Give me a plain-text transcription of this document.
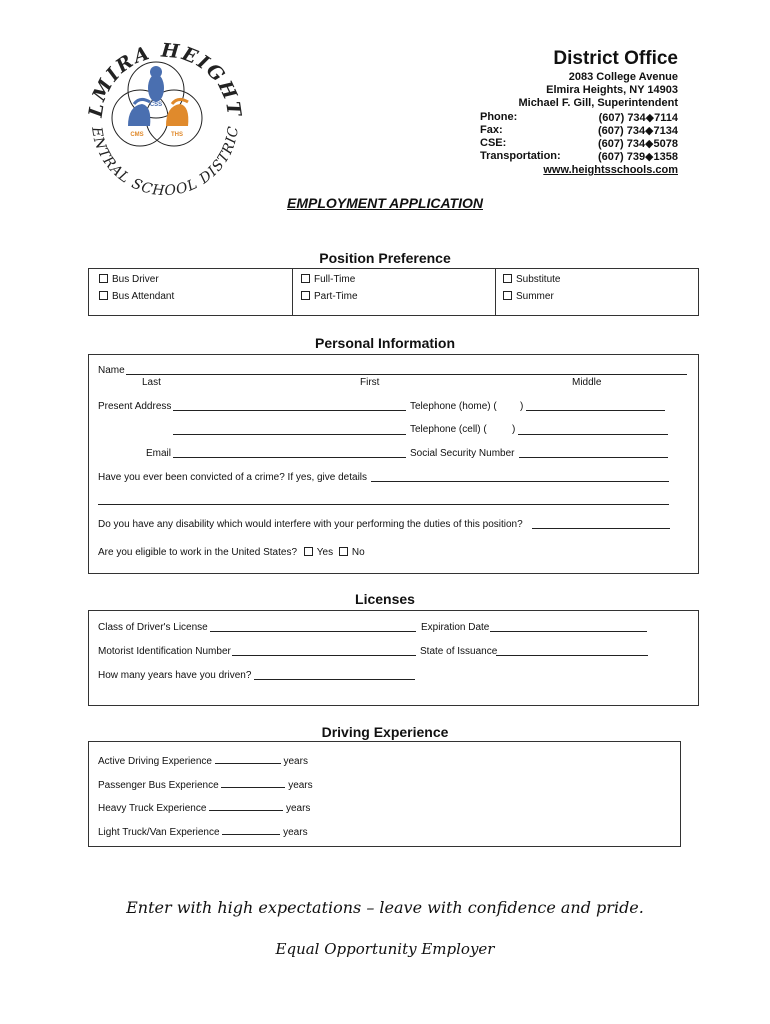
LMIRA HEIGHT
ENTRAL SCHOOL DISTRIC
CSS
CMS	THS
District Office
2083 College Avenue
Elmira Heights, NY 14903
Michael F. Gill, Superintendent
Phone:	(607) 734◆7114
Fax:	(607) 734◆7134
CSE:	(607) 734◆5078
Transportation:	(607) 739◆1358
www.heightsschools.com
EMPLOYMENT APPLICATION
Position Preference
Bus Driver
Bus Attendant
Full-Time
Part-Time
Substitute
Summer
Personal Information
Name
Last	First	Middle
Present Address	Telephone (home) ( )
Telephone (cell) (	)
Email	Social Security Number
Have you ever been convicted of a crime? If yes, give details
Do you have any disability which would interfere with your performing the duties of this position?
Are you eligible to work in the United States? Yes No
Licenses
Class of Driver's License	Expiration Date
Motorist Identification Number	State of Issuance
How many years have you driven?
Driving Experience
Active Driving Experience	years
Passenger Bus Experience	years
Heavy Truck Experience	years
Light Truck/Van Experience	years
Enter with high expectations – leave with confidence and pride.
Equal Opportunity Employer
